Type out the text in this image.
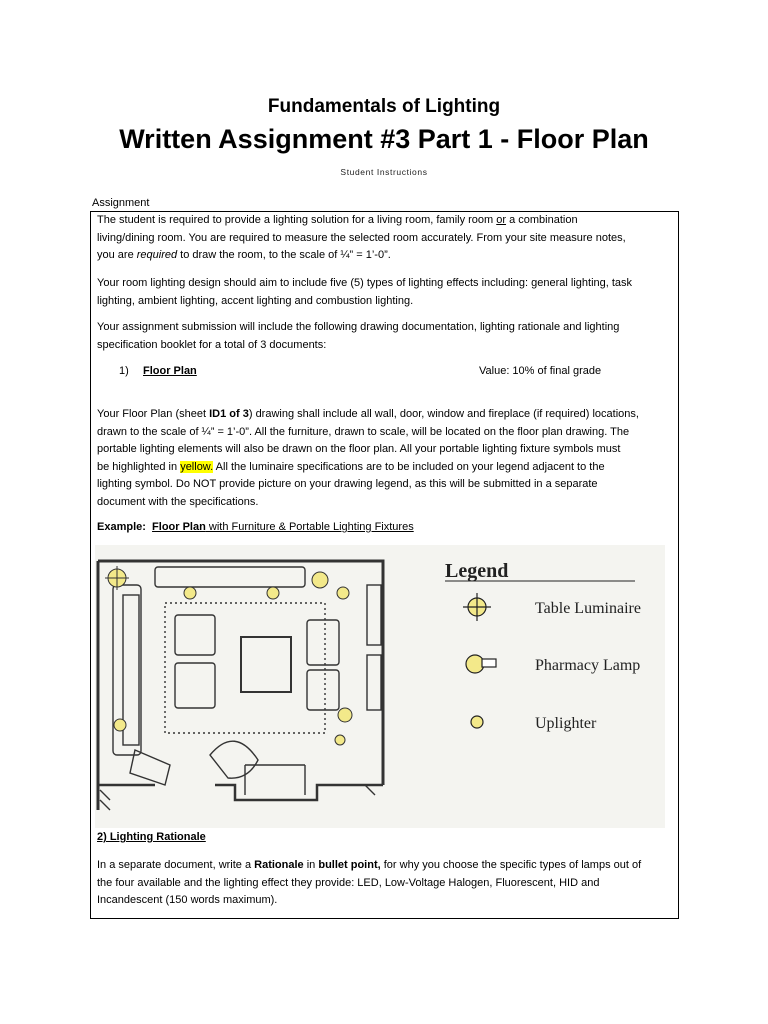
Fundamentals of Lighting
Written Assignment #3 Part 1 - Floor Plan
Student Instructions
Assignment
The student is required to provide a lighting solution for a living room, family room or a combination
living/dining room. You are required to measure the selected room accurately. From your site measure notes,
you are required to draw the room, to the scale of ¼” = 1’-0”.
Your room lighting design should aim to include five (5) types of lighting effects including: general lighting, task
lighting, ambient lighting, accent lighting and combustion lighting.
Your assignment submission will include the following drawing documentation, lighting rationale and lighting
specification booklet for a total of 3 documents:
1) Floor Plan	Value: 10% of final grade
Your Floor Plan (sheet ID1 of 3) drawing shall include all wall, door, window and fireplace (if required) locations,
drawn to the scale of ¼” = 1’-0”. All the furniture, drawn to scale, will be located on the floor plan drawing. The
portable lighting elements will also be drawn on the floor plan. All your portable lighting fixture symbols must
be highlighted in yellow. All the luminaire specifications are to be included on your legend adjacent to the
lighting symbol. Do NOT provide picture on your drawing legend, as this will be submitted in a separate
document with the specifications.
Example: Floor Plan with Furniture & Portable Lighting Fixtures
Legend
Table Luminaire
Pharmacy Lamp
Uplighter
2) Lighting Rationale
In a separate document, write a Rationale in bullet point, for why you choose the specific types of lamps out of
the four available and the lighting effect they provide: LED, Low-Voltage Halogen, Fluorescent, HID and
Incandescent (150 words maximum).
